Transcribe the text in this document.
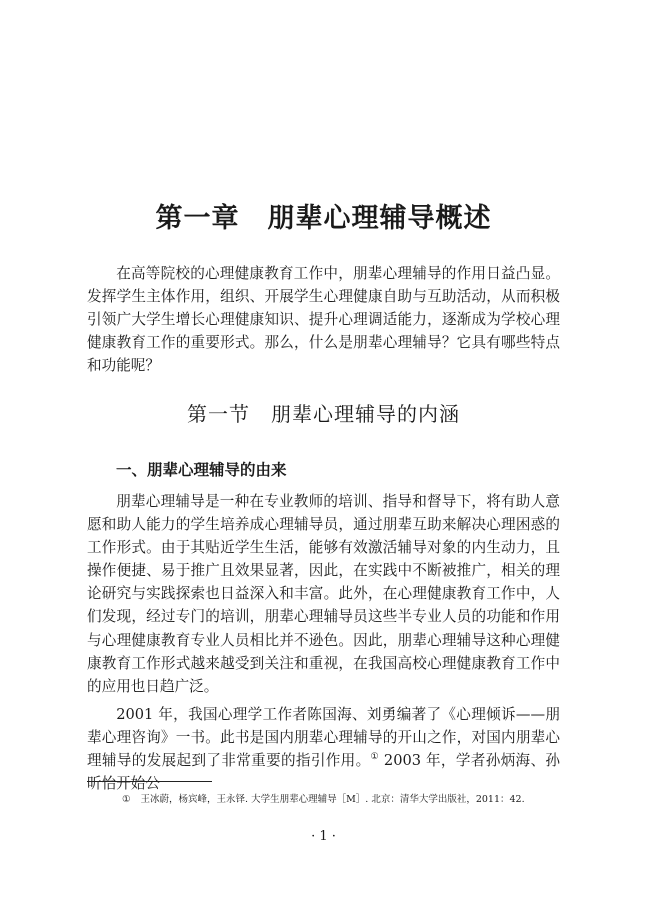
第一章　朋辈心理辅导概述

在高等院校的心理健康教育工作中，朋辈心理辅导的作用日益凸显。发挥学生主体作用，组织、开展学生心理健康自助与互助活动，从而积极引领广大学生增长心理健康知识、提升心理调适能力，逐渐成为学校心理健康教育工作的重要形式。那么，什么是朋辈心理辅导？它具有哪些特点和功能呢？

第一节　朋辈心理辅导的内涵
一、朋辈心理辅导的由来

朋辈心理辅导是一种在专业教师的培训、指导和督导下，将有助人意愿和助人能力的学生培养成心理辅导员，通过朋辈互助来解决心理困惑的工作形式。由于其贴近学生生活，能够有效激活辅导对象的内生动力，且操作便捷、易于推广且效果显著，因此，在实践中不断被推广，相关的理论研究与实践探索也日益深入和丰富。此外，在心理健康教育工作中，人们发现，经过专门的培训，朋辈心理辅导员这些半专业人员的功能和作用与心理健康教育专业人员相比并不逊色。因此，朋辈心理辅导这种心理健康教育工作形式越来越受到关注和重视，在我国高校心理健康教育工作中的应用也日趋广泛。

2001 年，我国心理学工作者陈国海、刘勇编著了《心理倾诉——朋辈心理咨询》一书。此书是国内朋辈心理辅导的开山之作，对国内朋辈心理辅导的发展起到了非常重要的指引作用。① 2003 年，学者孙炳海、孙昕怡开始公

① 王冰蔚，杨宾峰，王永铎. 大学生朋辈心理辅导［M］. 北京：清华大学出版社，2011：42.
· 1 ·
